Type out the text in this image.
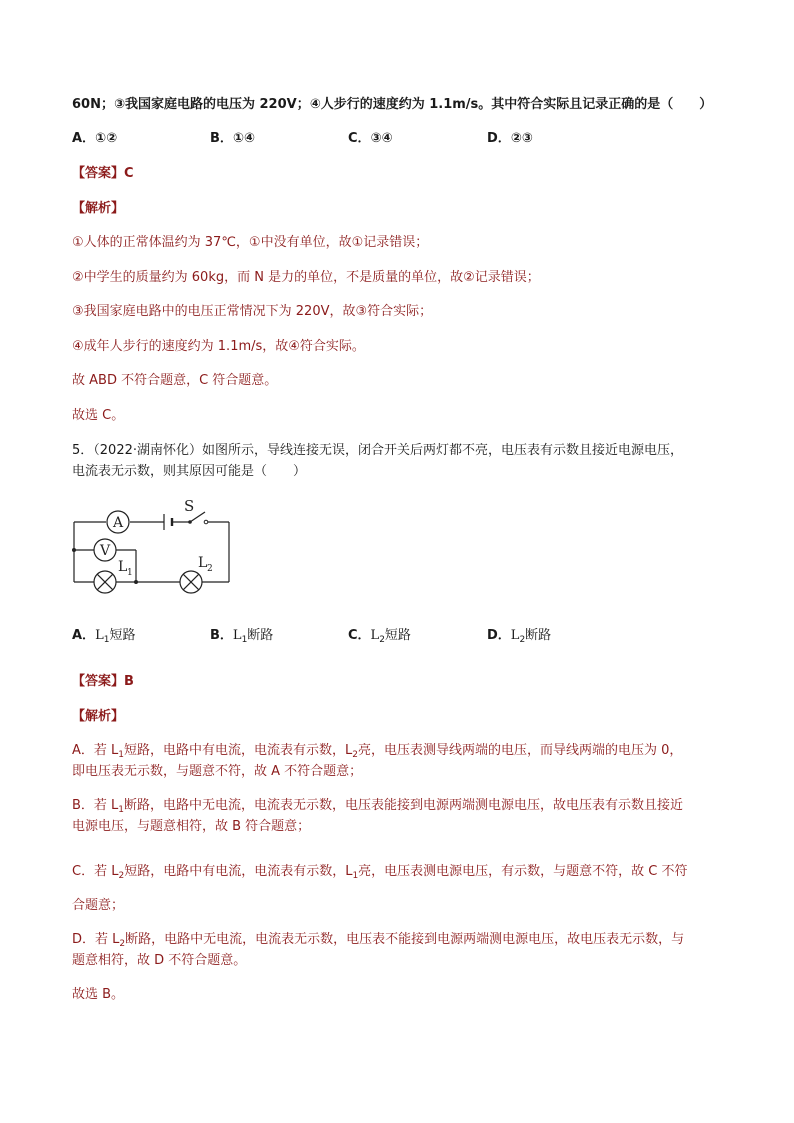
60N；③我国家庭电路的电压为 220V；④人步行的速度约为 1.1m/s。其中符合实际且记录正确的是（　　）
A．①②	B．①④	C．③④	D．②③
【答案】C
【解析】
①人体的正常体温约为 37℃，①中没有单位，故①记录错误；
②中学生的质量约为 60kg，而 N 是力的单位，不是质量的单位，故②记录错误；
③我国家庭电路中的电压正常情况下为 220V，故③符合实际；
④成年人步行的速度约为 1.1m/s，故④符合实际。
故 ABD 不符合题意，C 符合题意。
故选 C。
5．（2022·湖南怀化）如图所示，导线连接无误，闭合开关后两灯都不亮，电压表有示数且接近电源电压，
电流表无示数，则其原因可能是（　　）
A
V
S
L 1
L 2
A．$L_1$短路	B．$L_1$断路	C．$L_2$短路	D．$L_2$断路
【答案】B
【解析】
A．若 $L_1$短路，电路中有电流，电流表有示数，$L_2$亮，电压表测导线两端的电压，而导线两端的电压为 0，
即电压表无示数，与题意不符，故 A 不符合题意；
B．若 $L_1$断路，电路中无电流，电流表无示数，电压表能接到电源两端测电源电压，故电压表有示数且接近
电源电压，与题意相符，故 B 符合题意；
C．若 $L_2$短路，电路中有电流，电流表有示数，$L_1$亮，电压表测电源电压，有示数，与题意不符，故 C 不符
合题意；
D．若 $L_2$断路，电路中无电流，电流表无示数，电压表不能接到电源两端测电源电压，故电压表无示数，与
题意相符，故 D 不符合题意。
故选 B。
